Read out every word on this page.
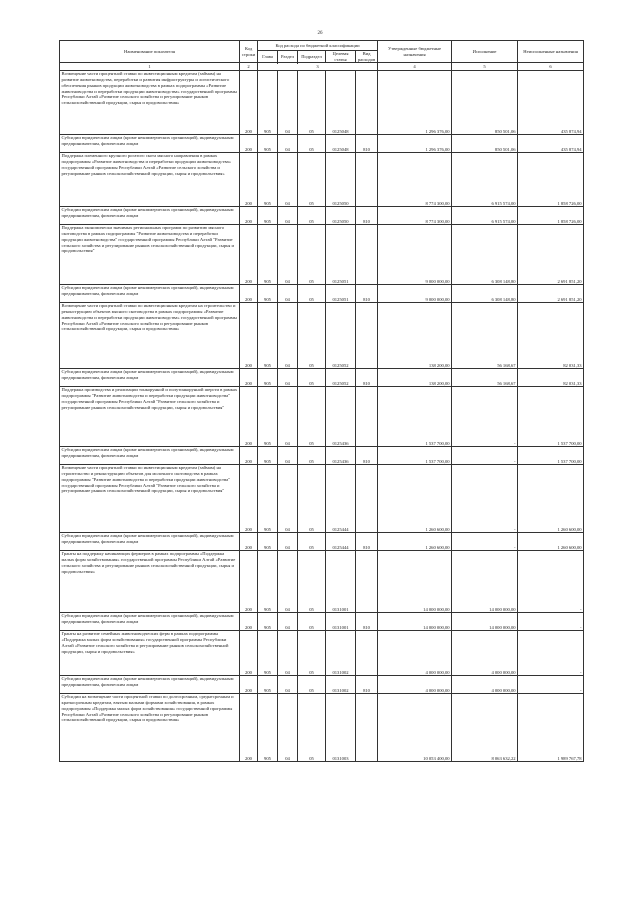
26
Наименование показателя	Код строки	Код расхода по бюджетной классификации					Утвержденные бюджетные назначения	Исполнение	Неисполненные назначения
		Глава	Раздел	Подраздел	Целевая статья	Вид расходов			

1	2	3					4	5	6
Возмещение части процентной ставки по инвестиционным кредитам (займам) на развитие животноводства, переработки и развития инфраструктуры и логистического обеспечения рынков продукции животноводства в рамках подпрограммы «Развитие животноводства и переработки продукции животноводства» государственной программы Республики Алтай «Развитие сельского хозяйства и регулирование рынков сельскохозяйственной продукции, сырья и продовольствия»	200	905	04	05	0125048		1 296 376,00	850 501,06	435 874,94
Субсидии юридическим лицам (кроме некоммерческих организаций), индивидуальным предпринимателям, физическим лицам	200	905	04	05	0125048	810	1 296 376,00	850 501,06	435 874,94
Поддержка племенного крупного рогатого скота мясного направления в рамках подпрограммы «Развитие животноводства и переработки продукции животноводства» государственной программы Республики Алтай «Развитие сельского хозяйства и регулирование рынков сельскохозяйственной продукции, сырья и продовольствия»	200	905	04	05	0125050		8 774 300,00	6 915 574,00	1 858 726,00
Субсидии юридическим лицам (кроме некоммерческих организаций), индивидуальным предпринимателям, физическим лицам	200	905	04	05	0125050	810	8 774 300,00	6 915 574,00	1 858 726,00
Поддержка экономически значимых региональных программ по развитию мясного скотоводства в рамках подпрограммы "Развитие животноводства и переработки продукции животноводства" государственной программы Республики Алтай "Развитие сельского хозяйства и регулирование рынков сельскохозяйственной продукции, сырья и продовольствия"	200	905	04	05	0125051		9 000 000,00	6 308 148,80	2 691 851,20
Субсидии юридическим лицам (кроме некоммерческих организаций), индивидуальным предпринимателям, физическим лицам	200	905	04	05	0125051	810	9 000 000,00	6 308 148,80	2 691 851,20
Возмещение части процентной ставки по инвестиционным кредитам на строительство и реконструкцию объектов мясного скотоводства в рамках подпрограммы «Развитие животноводства и переработки продукции животноводства» государственной программы Республики Алтай «Развитие сельского хозяйства и регулирование рынков сельскохозяйственной продукции, сырья и продовольствия»	200	905	04	05	0125052		138 200,00	56 168,67	82 031,33
Субсидии юридическим лицам (кроме некоммерческих организаций), индивидуальным предпринимателям, физическим лицам	200	905	04	05	0125052	810	138 200,00	56 168,67	82 031,33
Поддержка производства и реализации тонкорунной и полутонкорунной шерсти в рамках подпрограммы "Развитие животноводства и переработки продукции животноводства" государственной программы Республики Алтай "Развитие сельского хозяйства и регулирование рынков сельскохозяйственной продукции, сырья и продовольствия"	200	905	04	05	0125436		1 537 700,00	-	1 537 700,00
Субсидии юридическим лицам (кроме некоммерческих организаций), индивидуальным предпринимателям, физическим лицам	200	905	04	05	0125436	810	1 537 700,00	-	1 537 700,00
Возмещение части процентной ставки по инвестиционным кредитам (займам) на строительство и реконструкцию объектов для молочного скотоводства в рамках подпрограммы "Развитие животноводства и переработки продукции животноводства" государственной программы Республики Алтай "Развитие сельского хозяйства и регулирование рынков сельскохозяйственной продукции, сырья и продовольствия"	200	905	04	05	0125444		1 260 600,00	-	1 260 600,00
Субсидии юридическим лицам (кроме некоммерческих организаций), индивидуальным предпринимателям, физическим лицам	200	905	04	05	0125444	810	1 260 600,00	-	1 260 600,00
Гранты на поддержку начинающих фермеров в рамках подпрограммы «Поддержка малых форм хозяйствования» государственной программы Республики Алтай «Развитие сельского хозяйства и регулирование рынков сельскохозяйственной продукции, сырья и продовольствия»	200	905	04	05	0131001		14 000 000,00	14 000 000,00	-
Субсидии юридическим лицам (кроме некоммерческих организаций), индивидуальным предпринимателям, физическим лицам	200	905	04	05	0131001	810	14 000 000,00	14 000 000,00	-
Гранты на развитие семейных животноводческих ферм в рамках подпрограммы «Поддержка малых форм хозяйствования» государственной программы Республики Алтай «Развитие сельского хозяйства и регулирование рынков сельскохозяйственной продукции, сырья и продовольствия»	200	905	04	05	0131002		4 000 000,00	4 000 000,00	-
Субсидии юридическим лицам (кроме некоммерческих организаций), индивидуальным предпринимателям, физическим лицам	200	905	04	05	0131002	810	4 000 000,00	4 000 000,00	-
Субсидии на возмещение части процентной ставки по долгосрочным, среднесрочным и краткосрочным кредитам, взятым малыми формами хозяйствования, в рамках подпрограммы «Поддержка малых форм хозяйствования» государственной программы Республики Алтай «Развитие сельского хозяйства и регулирование рынков сельскохозяйственной продукции, сырья и продовольствия»	200	905	04	05	0131003		10 053 400,00	8 063 632,22	1 989 767,78
